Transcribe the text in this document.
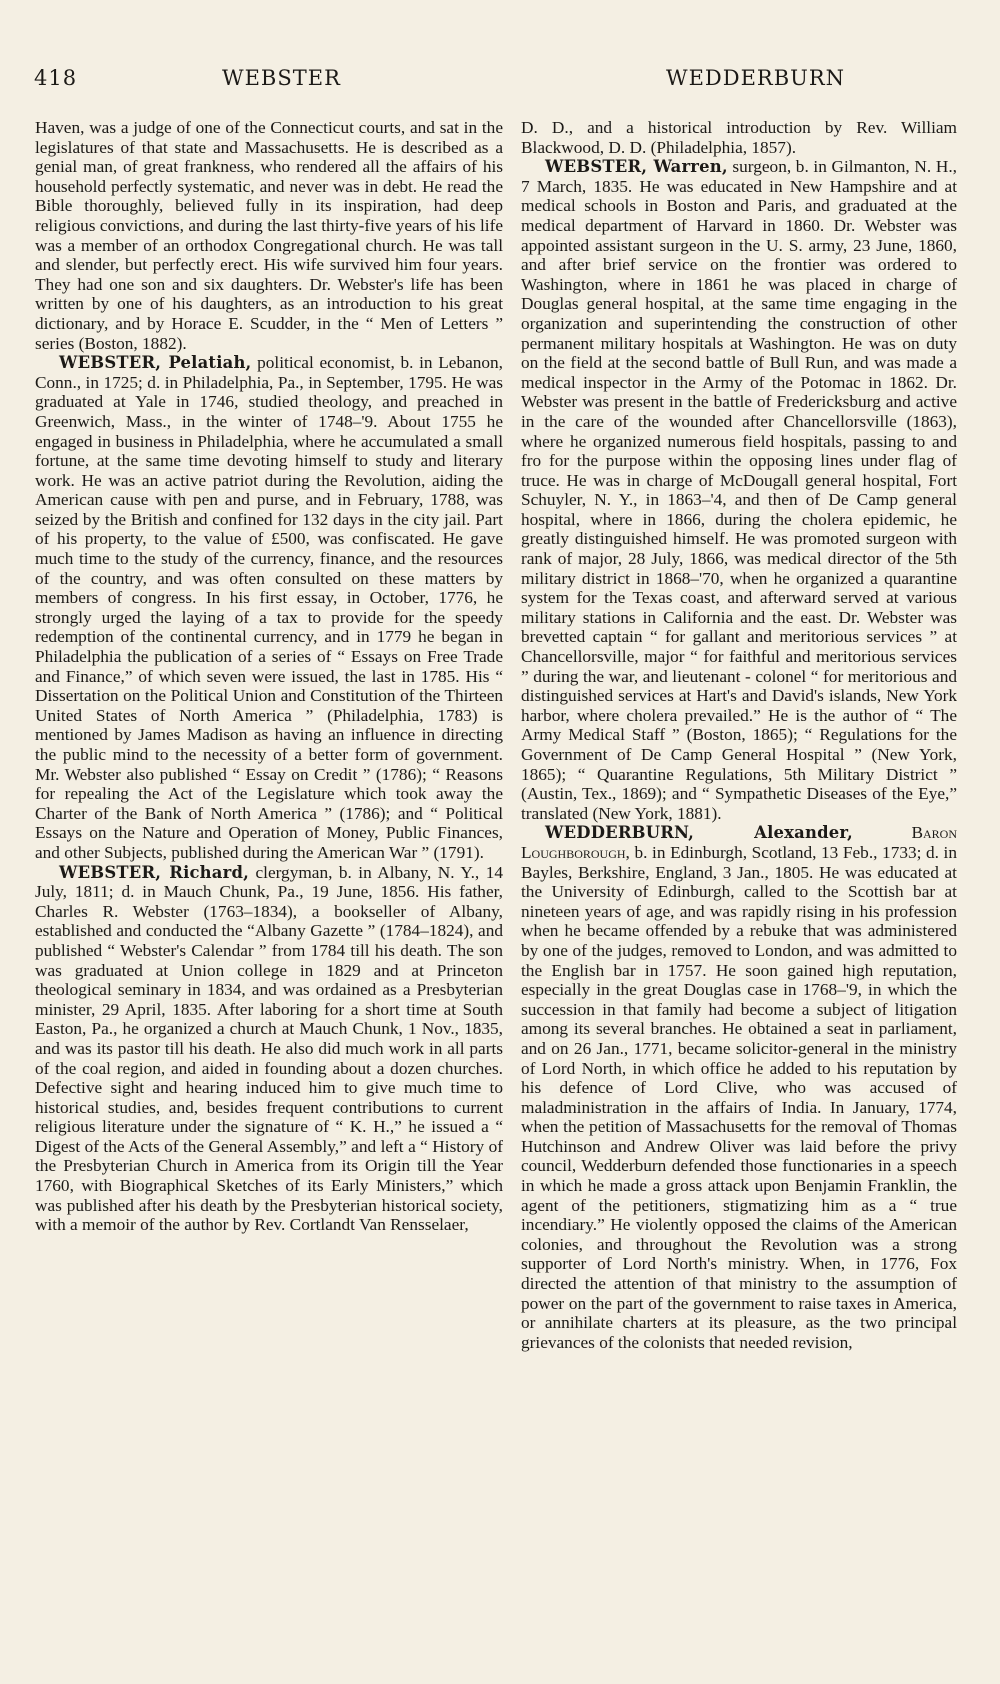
418	WEBSTER	WEDDERBURN

Haven, was a judge of one of the Connecticut courts, and sat in the legislatures of that state and Massachusetts. He is described as a genial man, of great frankness, who rendered all the affairs of his household perfectly systematic, and never was in debt. He read the Bible thoroughly, believed fully in its inspiration, had deep religious convictions, and during the last thirty-five years of his life was a member of an orthodox Congregational church. He was tall and slender, but perfectly erect. His wife survived him four years. They had one son and six daughters. Dr. Webster's life has been written by one of his daughters, as an introduction to his great dictionary, and by Horace E. Scudder, in the “ Men of Letters ” series (Boston, 1882).

WEBSTER, Pelatiah, political economist, b. in Lebanon, Conn., in 1725; d. in Philadelphia, Pa., in September, 1795. He was graduated at Yale in 1746, studied theology, and preached in Greenwich, Mass., in the winter of 1748–'9. About 1755 he engaged in business in Philadelphia, where he accumulated a small fortune, at the same time devoting himself to study and literary work. He was an active patriot during the Revolution, aiding the American cause with pen and purse, and in February, 1788, was seized by the British and confined for 132 days in the city jail. Part of his property, to the value of £500, was confiscated. He gave much time to the study of the currency, finance, and the resources of the country, and was often consulted on these matters by members of congress. In his first essay, in October, 1776, he strongly urged the laying of a tax to provide for the speedy redemption of the continental currency, and in 1779 he began in Philadelphia the publication of a series of “ Essays on Free Trade and Finance,” of which seven were issued, the last in 1785. His “ Dissertation on the Political Union and Constitution of the Thirteen United States of North America ” (Philadelphia, 1783) is mentioned by James Madison as having an influence in directing the public mind to the necessity of a better form of government. Mr. Webster also published “ Essay on Credit ” (1786); “ Reasons for repealing the Act of the Legislature which took away the Charter of the Bank of North America ” (1786); and “ Political Essays on the Nature and Operation of Money, Public Finances, and other Subjects, published during the American War ” (1791).

WEBSTER, Richard, clergyman, b. in Albany, N. Y., 14 July, 1811; d. in Mauch Chunk, Pa., 19 June, 1856. His father, Charles R. Webster (1763–1834), a bookseller of Albany, established and conducted the “Albany Gazette ” (1784–1824), and published “ Webster's Calendar ” from 1784 till his death. The son was graduated at Union college in 1829 and at Princeton theological seminary in 1834, and was ordained as a Presbyterian minister, 29 April, 1835. After laboring for a short time at South Easton, Pa., he organized a church at Mauch Chunk, 1 Nov., 1835, and was its pastor till his death. He also did much work in all parts of the coal region, and aided in founding about a dozen churches. Defective sight and hearing induced him to give much time to historical studies, and, besides frequent contributions to current religious literature under the signature of “ K. H.,” he issued a “ Digest of the Acts of the General Assembly,” and left a “ History of the Presbyterian Church in America from its Origin till the Year 1760, with Biographical Sketches of its Early Ministers,” which was published after his death by the Presbyterian historical society, with a memoir of the author by Rev. Cortlandt Van Rensselaer,

D. D., and a historical introduction by Rev. William Blackwood, D. D. (Philadelphia, 1857).

WEBSTER, Warren, surgeon, b. in Gilmanton, N. H., 7 March, 1835. He was educated in New Hampshire and at medical schools in Boston and Paris, and graduated at the medical department of Harvard in 1860. Dr. Webster was appointed assistant surgeon in the U. S. army, 23 June, 1860, and after brief service on the frontier was ordered to Washington, where in 1861 he was placed in charge of Douglas general hospital, at the same time engaging in the organization and superintending the construction of other permanent military hospitals at Washington. He was on duty on the field at the second battle of Bull Run, and was made a medical inspector in the Army of the Potomac in 1862. Dr. Webster was present in the battle of Fredericksburg and active in the care of the wounded after Chancellorsville (1863), where he organized numerous field hospitals, passing to and fro for the purpose within the opposing lines under flag of truce. He was in charge of McDougall general hospital, Fort Schuyler, N. Y., in 1863–'4, and then of De Camp general hospital, where in 1866, during the cholera epidemic, he greatly distinguished himself. He was promoted surgeon with rank of major, 28 July, 1866, was medical director of the 5th military district in 1868–'70, when he organized a quarantine system for the Texas coast, and afterward served at various military stations in California and the east. Dr. Webster was brevetted captain “ for gallant and meritorious services ” at Chancellorsville, major “ for faithful and meritorious services ” during the war, and lieutenant - colonel “ for meritorious and distinguished services at Hart's and David's islands, New York harbor, where cholera prevailed.” He is the author of “ The Army Medical Staff ” (Boston, 1865); “ Regulations for the Government of De Camp General Hospital ” (New York, 1865); “ Quarantine Regulations, 5th Military District ” (Austin, Tex., 1869); and “ Sympathetic Diseases of the Eye,” translated (New York, 1881).

WEDDERBURN, Alexander, Baron Loughborough, b. in Edinburgh, Scotland, 13 Feb., 1733; d. in Bayles, Berkshire, England, 3 Jan., 1805. He was educated at the University of Edinburgh, called to the Scottish bar at nineteen years of age, and was rapidly rising in his profession when he became offended by a rebuke that was administered by one of the judges, removed to London, and was admitted to the English bar in 1757. He soon gained high reputation, especially in the great Douglas case in 1768–'9, in which the succession in that family had become a subject of litigation among its several branches. He obtained a seat in parliament, and on 26 Jan., 1771, became solicitor-general in the ministry of Lord North, in which office he added to his reputation by his defence of Lord Clive, who was accused of maladministration in the affairs of India. In January, 1774, when the petition of Massachusetts for the removal of Thomas Hutchinson and Andrew Oliver was laid before the privy council, Wedderburn defended those functionaries in a speech in which he made a gross attack upon Benjamin Franklin, the agent of the petitioners, stigmatizing him as a “ true incendiary.” He violently opposed the claims of the American colonies, and throughout the Revolution was a strong supporter of Lord North's ministry. When, in 1776, Fox directed the attention of that ministry to the assumption of power on the part of the government to raise taxes in America, or annihilate charters at its pleasure, as the two principal grievances of the colonists that needed revision,
